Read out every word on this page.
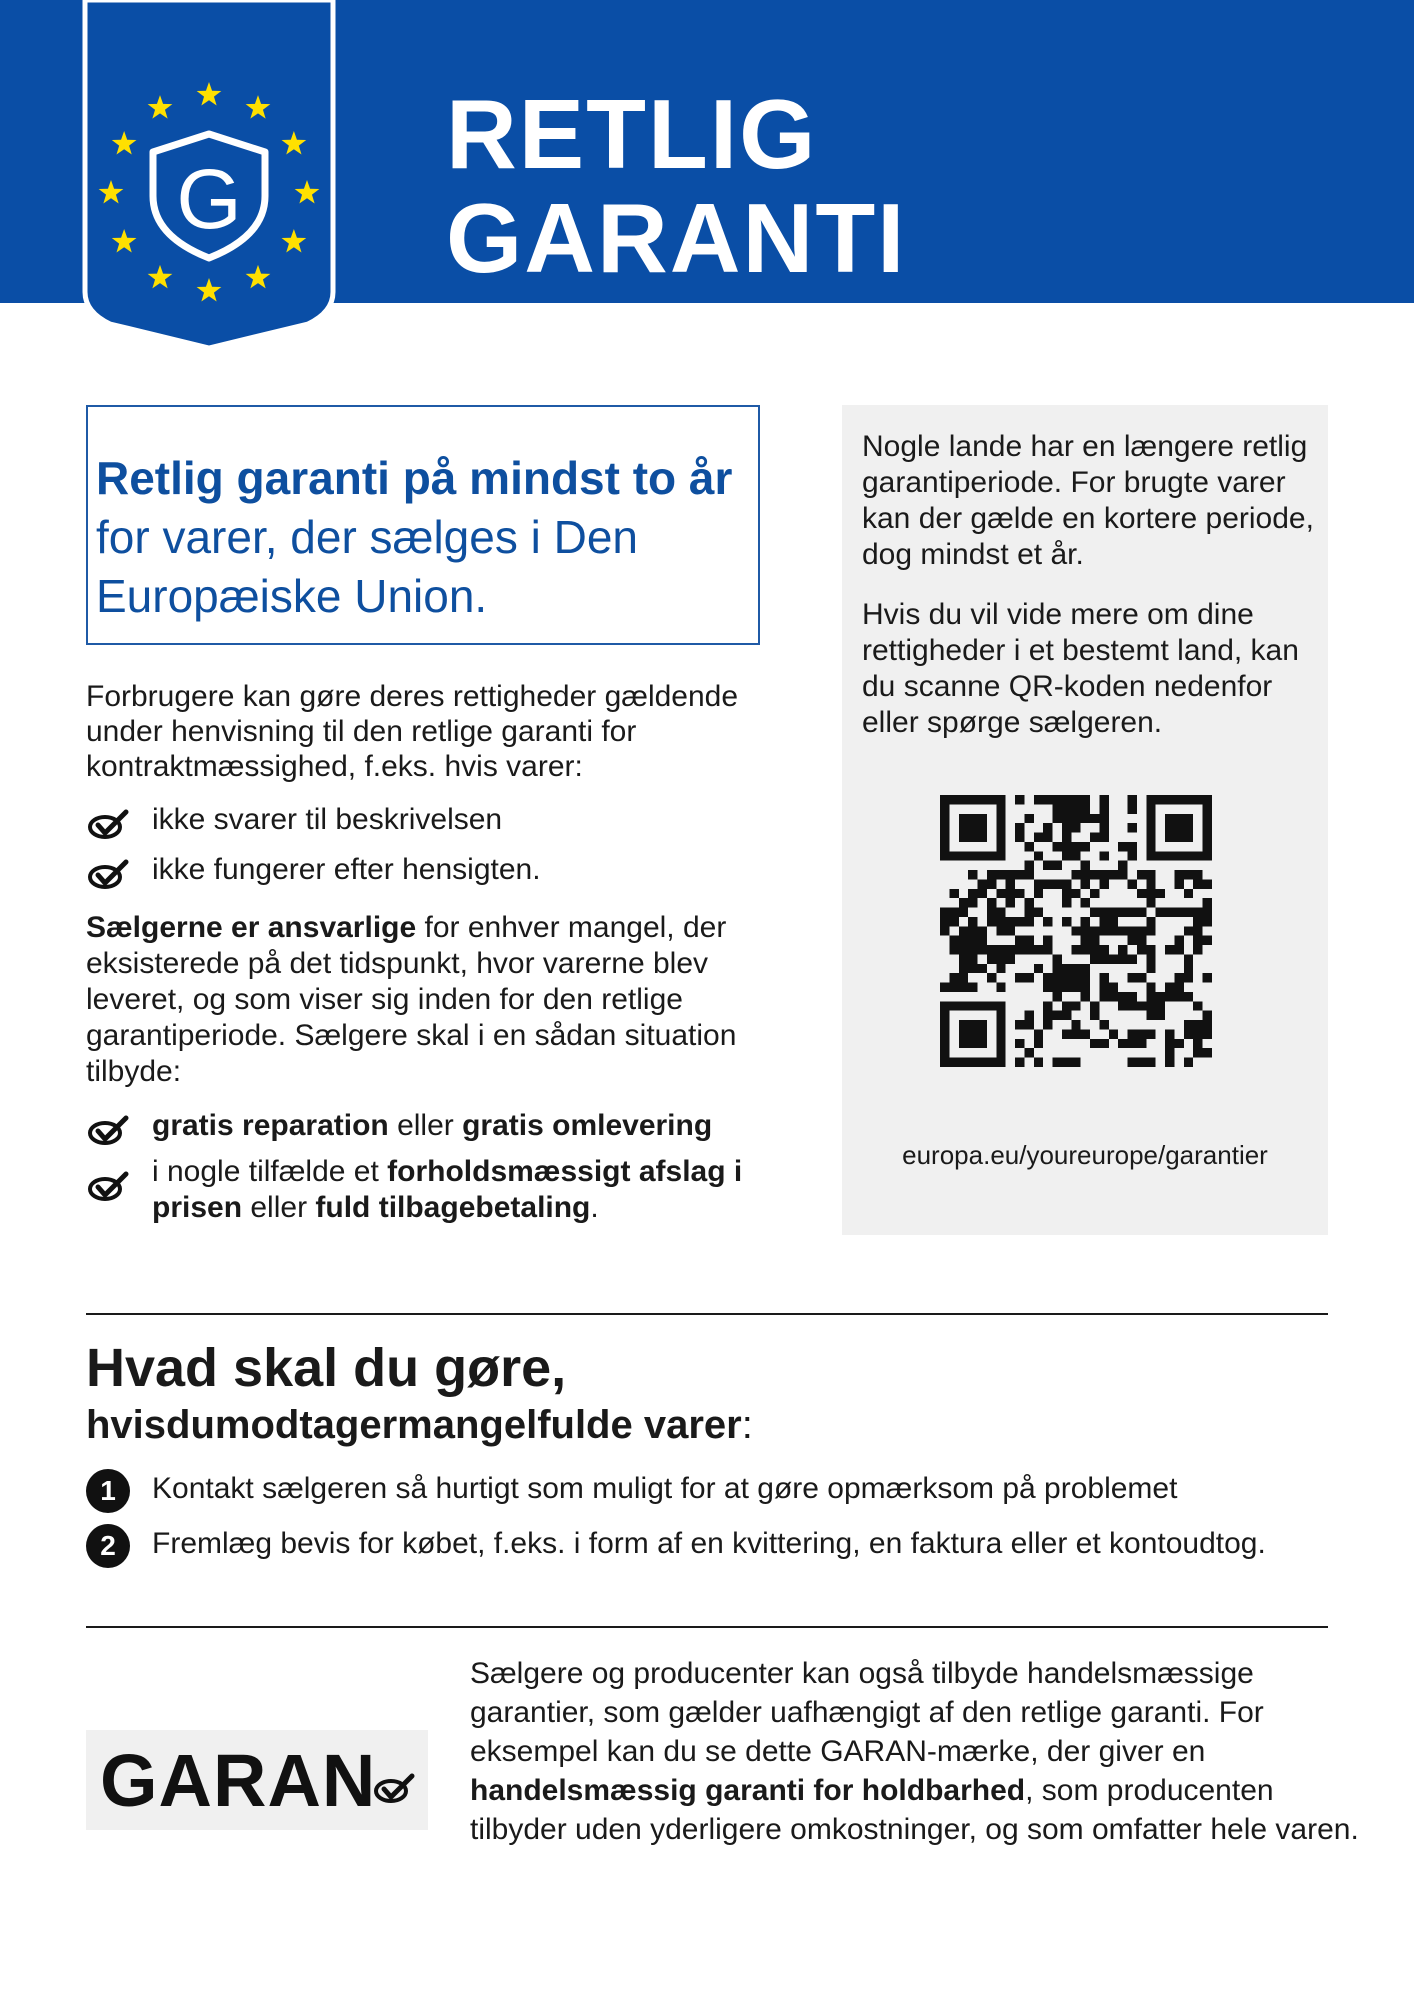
G
RETLIG
GARANTI

Retlig garanti på mindst to år for varer, der sælges i Den Europæiske Union.

Forbrugere kan gøre deres rettigheder gældende under henvisning til den retlige garanti for kontraktmæssighed, f.eks. hvis varer:

ikke svarer til beskrivelsen
ikke fungerer efter hensigten.

Sælgerne er ansvarlige for enhver mangel, der eksisterede på det tidspunkt, hvor varerne blev leveret, og som viser sig inden for den retlige garantiperiode. Sælgere skal i en sådan situation tilbyde:

gratis reparation eller gratis omlevering
i nogle tilfælde et forholdsmæssigt afslag i prisen eller fuld tilbagebetaling.

Nogle lande har en længere retlig garantiperiode. For brugte varer kan der gælde en kortere periode, dog mindst et år.

Hvis du vil vide mere om dine rettigheder i et bestemt land, kan du scanne QR-koden nedenfor eller spørge sælgeren.

europa.eu/youreurope/garantier

Hvad skal du gøre,

hvisdumodtagermangelfulde varer:

1	Kontakt sælgeren så hurtigt som muligt for at gøre opmærksom på problemet
2	Fremlæg bevis for købet, f.eks. i form af en kvittering, en faktura eller et kontoudtog.
GARAN

Sælgere og producenter kan også tilbyde handelsmæssige garantier, som gælder uafhængigt af den retlige garanti. For eksempel kan du se dette GARAN-mærke, der giver en handelsmæssig garanti for holdbarhed, som producenten tilbyder uden yderligere omkostninger, og som omfatter hele varen.
